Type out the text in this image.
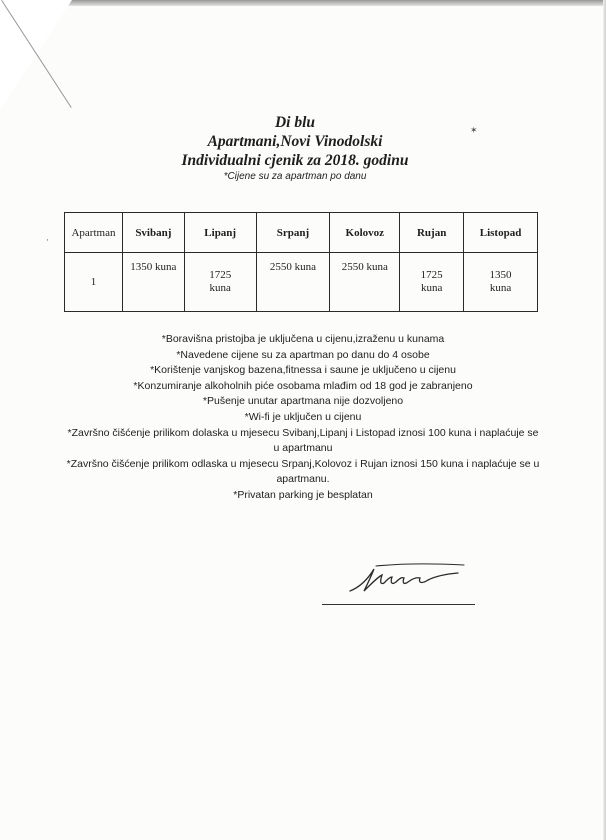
✶
·
Di blu
Apartmani,Novi Vinodolski
Individualni cjenik za 2018. godinu
*Cijene su za apartman po danu
Apartman	Svibanj	Lipanj	Srpanj	Kolovoz	Rujan	Listopad
1	1350 kuna	1725 kuna	2550 kuna	2550 kuna	1725 kuna	1350 kuna
*Boravišna pristojba je uključena u cijenu,izraženu u kunama
*Navedene cijene su za apartman po danu do 4 osobe
*Korištenje vanjskog bazena,fitnessa i saune je uključeno u cijenu
*Konzumiranje alkoholnih piće osobama mlađim od 18 god je zabranjeno
*Pušenje unutar apartmana nije dozvoljeno
*Wi-fi je uključen u cijenu
*Završno čišćenje prilikom dolaska u mjesecu Svibanj,Lipanj i Listopad iznosi 100 kuna i naplaćuje se
u apartmanu
*Završno čišćenje prilikom odlaska u mjesecu Srpanj,Kolovoz i Rujan iznosi 150 kuna i naplaćuje se u
apartmanu.
*Privatan parking je besplatan
